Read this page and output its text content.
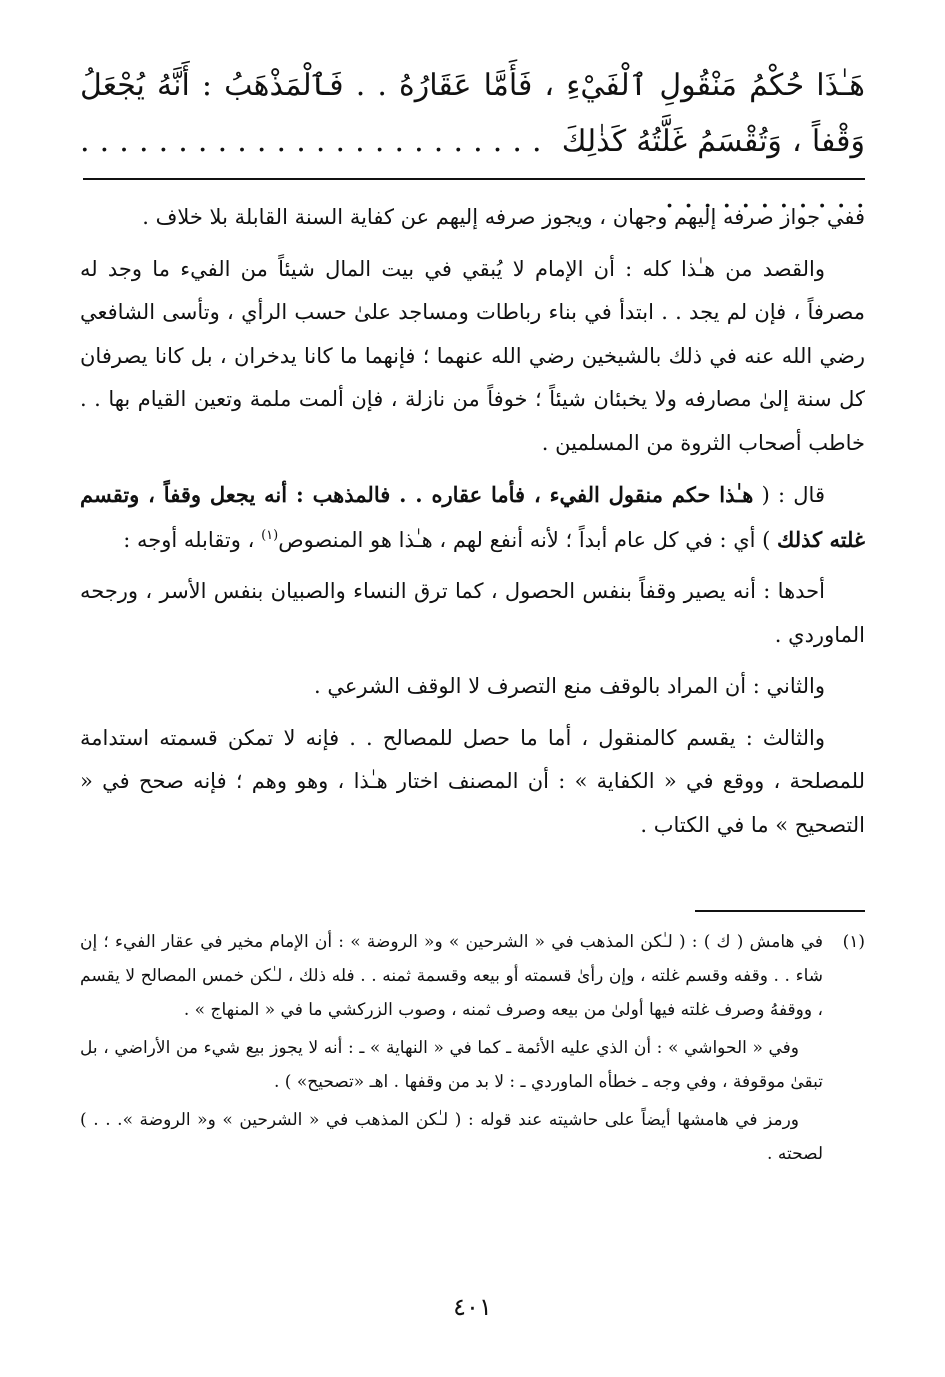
هَـٰذَا حُكْمُ مَنْقُولِ ٱلْفَيْءِ ، فَأَمَّا عَقَارُهُ . . فَٱلْمَذْهَبُ : أَنَّهُ يُجْعَلُ وَقْفاً ، وَتُقْسَمُ غَلَّتُهُ كَذٰلِكَ . . . . . . . . . . . . . . . . . . . . . . . . . . . . . . . . . . .

ففي جواز صرفه إليهم وجهان ، ويجوز صرفه إليهم عن كفاية السنة القابلة بلا خلاف .

والقصد من هـٰذا كله : أن الإمام لا يُبقي في بيت المال شيئاً من الفيء ما وجد له مصرفاً ، فإن لم يجد . . ابتدأ في بناء رباطات ومساجد علىٰ حسب الرأي ، وتأسى الشافعي رضي الله عنه في ذلك بالشيخين رضي الله عنهما ؛ فإنهما ما كانا يدخران ، بل كانا يصرفان كل سنة إلىٰ مصارفه ولا يخبئان شيئاً ؛ خوفاً من نازلة ، فإن ألمت ملمة وتعين القيام بها . . خاطب أصحاب الثروة من المسلمين .

قال : ( هـٰذا حكم منقول الفيء ، فأما عقاره . . فالمذهب : أنه يجعل وقفاً ، وتقسم غلته كذلك ) أي : في كل عام أبداً ؛ لأنه أنفع لهم ، هـٰذا هو المنصوص$^{(١)}$ ، وتقابله أوجه :

أحدها : أنه يصير وقفاً بنفس الحصول ، كما ترق النساء والصبيان بنفس الأسر ، ورجحه الماوردي .

والثاني : أن المراد بالوقف منع التصرف لا الوقف الشرعي .

والثالث : يقسم كالمنقول ، أما ما حصل للمصالح . . فإنه لا تمكن قسمته استدامة للمصلحة ، ووقع في « الكفاية » : أن المصنف اختار هـٰذا ، وهو وهم ؛ فإنه صحح في « التصحيح » ما في الكتاب .

(١)

في هامش ( ك ) : ( لـٰكن المذهب في « الشرحين » و« الروضة » : أن الإمام مخير في عقار الفيء ؛ إن شاء . . وقفه وقسم غلته ، وإن رأىٰ قسمته أو بيعه وقسمة ثمنه . . فله ذلك ، لـٰكن خمس المصالح لا يقسم ، ووقفهُ وصرف غلته فيها أولىٰ من بيعه وصرف ثمنه ، وصوب الزركشي ما في « المنهاج » .

وفي « الحواشي » : أن الذي عليه الأئمة ـ كما في « النهاية » ـ : أنه لا يجوز بيع شيء من الأراضي ، بل تبقىٰ موقوفة ، وفي وجه ـ خطأه الماوردي ـ : لا بد من وقفها . اهـ «تصحيح» ) .

ورمز في هامشها أيضاً على حاشيته عند قوله : ( لـٰكن المذهب في « الشرحين » و« الروضة ». . . ) لصحته .

٤٠١
